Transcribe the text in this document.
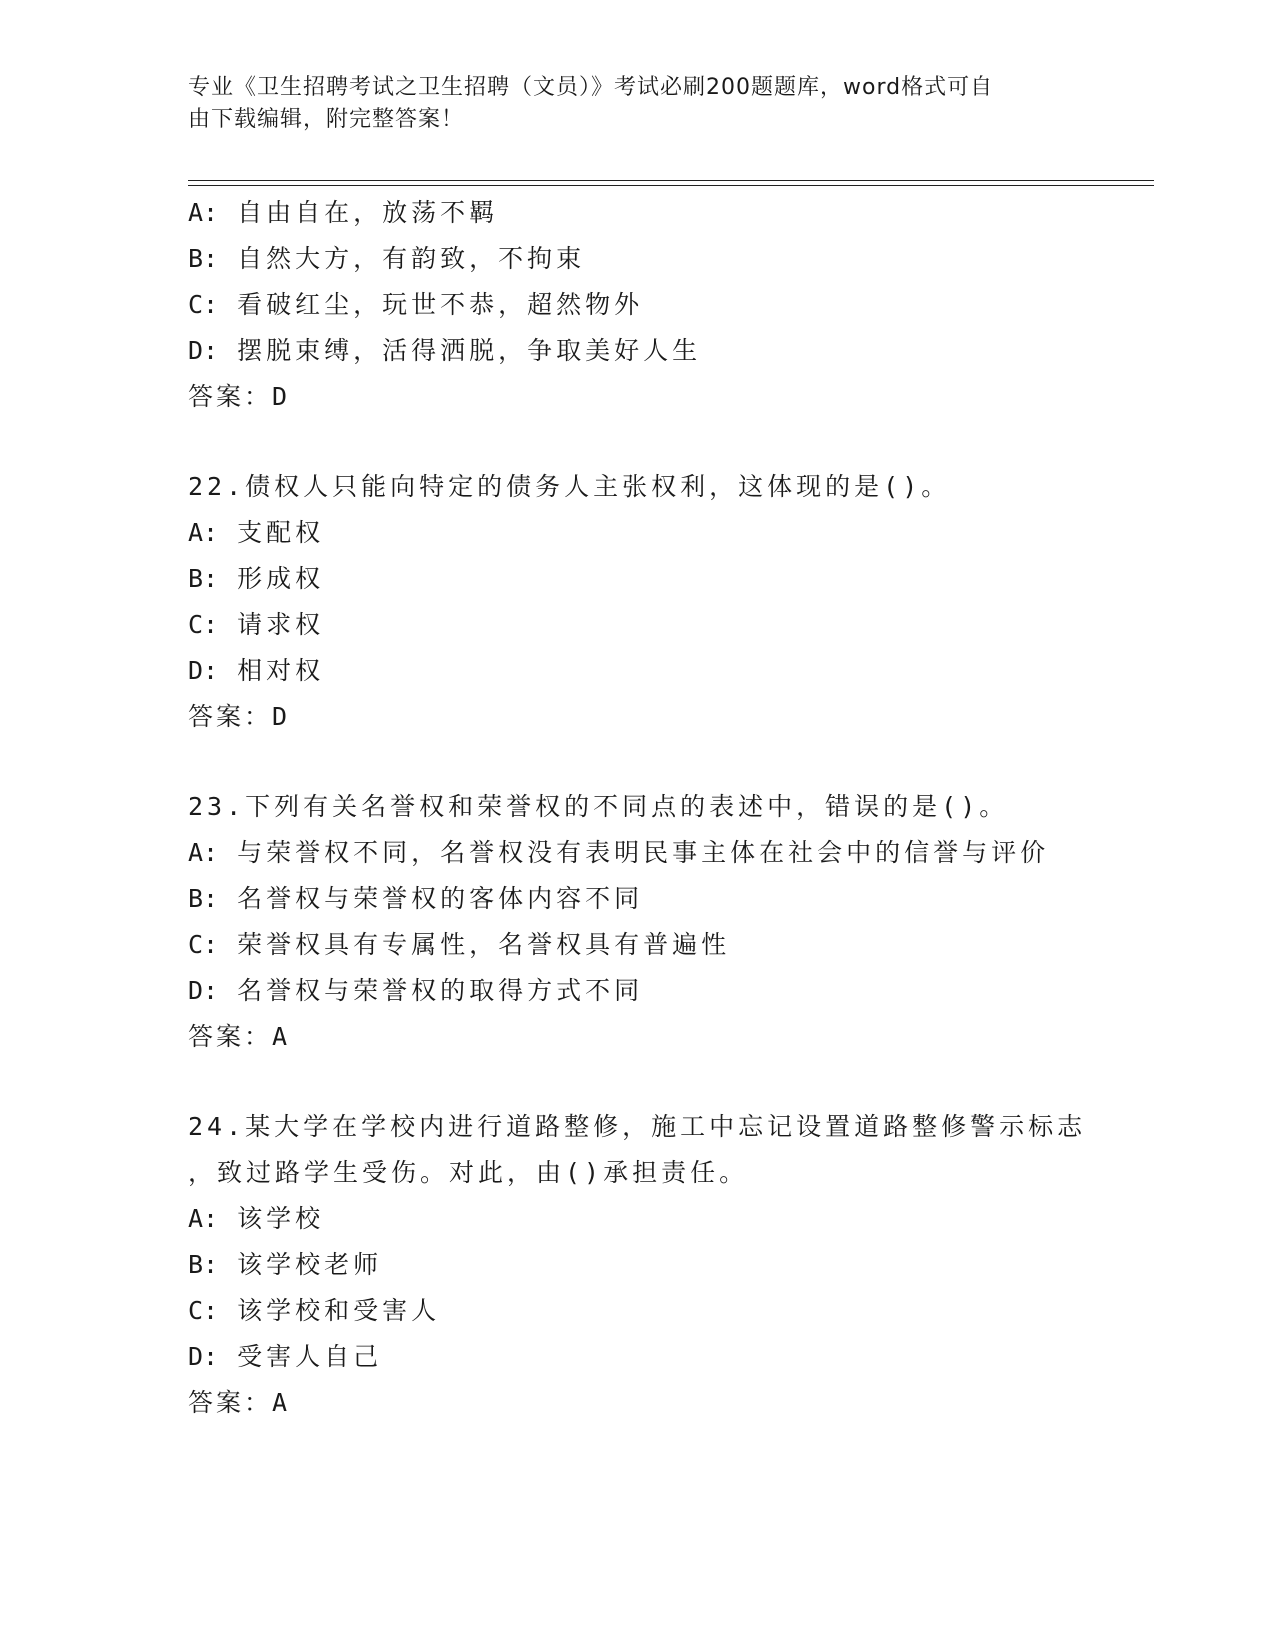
专业《卫生招聘考试之卫生招聘（文员）》考试必刷200题题库，word格式可自
由下载编辑，附完整答案！
A: 自由自在，放荡不羁
B: 自然大方，有韵致，不拘束
C: 看破红尘，玩世不恭，超然物外
D: 摆脱束缚，活得洒脱，争取美好人生
答案：D
22.债权人只能向特定的债务人主张权利，这体现的是()。
A: 支配权
B: 形成权
C: 请求权
D: 相对权
答案：D
23.下列有关名誉权和荣誉权的不同点的表述中，错误的是()。
A: 与荣誉权不同，名誉权没有表明民事主体在社会中的信誉与评价
B: 名誉权与荣誉权的客体内容不同
C: 荣誉权具有专属性，名誉权具有普遍性
D: 名誉权与荣誉权的取得方式不同
答案：A
24.某大学在学校内进行道路整修，施工中忘记设置道路整修警示标志
，致过路学生受伤。对此，由()承担责任。
A: 该学校
B: 该学校老师
C: 该学校和受害人
D: 受害人自己
答案：A
